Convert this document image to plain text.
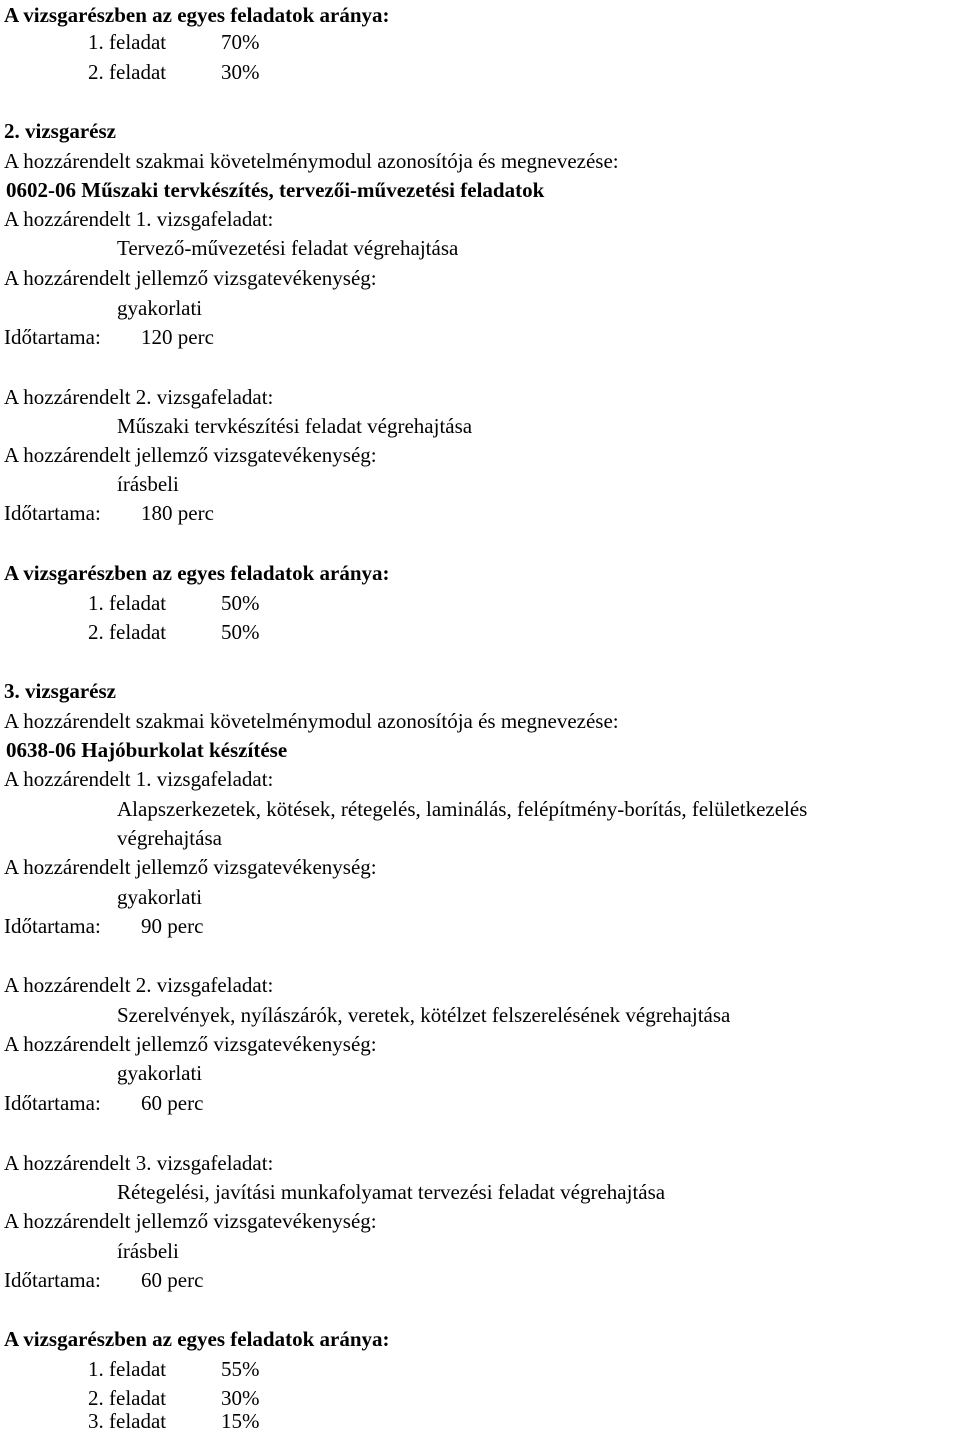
A vizsgarészben az egyes feladatok aránya:
1. feladat	70%
2. feladat	30%
2. vizsgarész
A hozzárendelt szakmai követelménymodul azonosítója és megnevezése:
0602-06 Műszaki tervkészítés, tervezői-művezetési feladatok
A hozzárendelt 1. vizsgafeladat:
Tervező-művezetési feladat végrehajtása
A hozzárendelt jellemző vizsgatevékenység:
gyakorlati
Időtartama: 120 perc
A hozzárendelt 2. vizsgafeladat:
Műszaki tervkészítési feladat végrehajtása
A hozzárendelt jellemző vizsgatevékenység:
írásbeli
Időtartama: 180 perc
A vizsgarészben az egyes feladatok aránya:
1. feladat	50%
2. feladat	50%
3. vizsgarész
A hozzárendelt szakmai követelménymodul azonosítója és megnevezése:
0638-06 Hajóburkolat készítése
A hozzárendelt 1. vizsgafeladat:
Alapszerkezetek, kötések, rétegelés, laminálás, felépítmény-borítás, felületkezelés
végrehajtása
A hozzárendelt jellemző vizsgatevékenység:
gyakorlati
Időtartama: 90 perc
A hozzárendelt 2. vizsgafeladat:
Szerelvények, nyílászárók, veretek, kötélzet felszerelésének végrehajtása
A hozzárendelt jellemző vizsgatevékenység:
gyakorlati
Időtartama: 60 perc
A hozzárendelt 3. vizsgafeladat:
Rétegelési, javítási munkafolyamat tervezési feladat végrehajtása
A hozzárendelt jellemző vizsgatevékenység:
írásbeli
Időtartama: 60 perc
A vizsgarészben az egyes feladatok aránya:
1. feladat	55%
2. feladat	30%
3. feladat	15%
